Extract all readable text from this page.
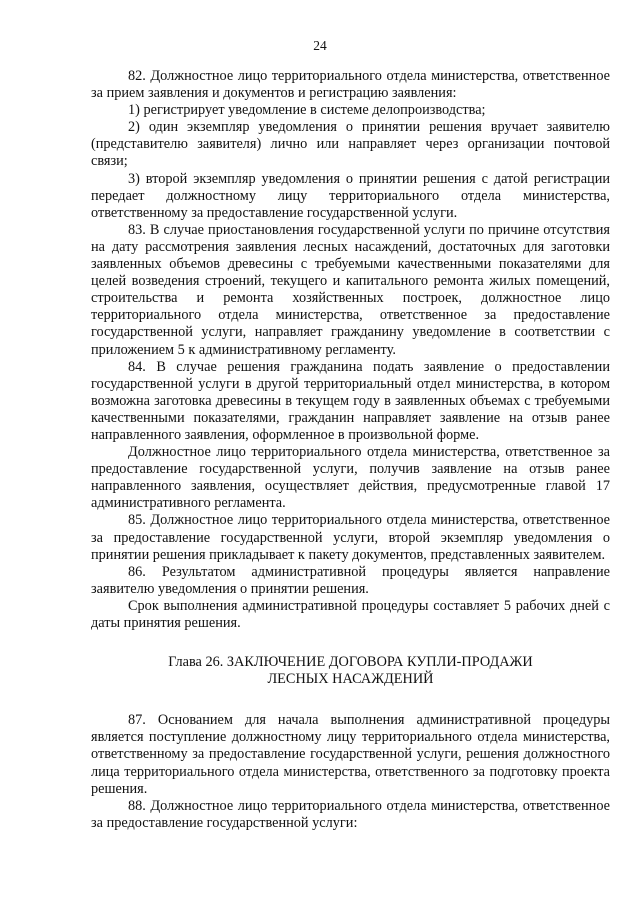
24

82. Должностное лицо территориального отдела министерства, ответственное за прием заявления и документов и регистрацию заявления:

1) регистрирует уведомление в системе делопроизводства;

2) один экземпляр уведомления о принятии решения вручает заявителю (представителю заявителя) лично или направляет через организации почтовой связи;

3) второй экземпляр уведомления о принятии решения с датой регистрации передает должностному лицу территориального отдела министерства, ответственному за предоставление государственной услуги.

83. В случае приостановления государственной услуги по причине отсутствия на дату рассмотрения заявления лесных насаждений, достаточных для заготовки заявленных объемов древесины с требуемыми качественными показателями для целей возведения строений, текущего и капитального ремонта жилых помещений, строительства и ремонта хозяйственных построек, должностное лицо территориального отдела министерства, ответственное за предоставление государственной услуги, направляет гражданину уведомление в соответствии с приложением 5 к административному регламенту.

84. В случае решения гражданина подать заявление о предоставлении государственной услуги в другой территориальный отдел министерства, в котором возможна заготовка древесины в текущем году в заявленных объемах с требуемыми качественными показателями, гражданин направляет заявление на отзыв ранее направленного заявления, оформленное в произвольной форме.

Должностное лицо территориального отдела министерства, ответственное за предоставление государственной услуги, получив заявление на отзыв ранее направленного заявления, осуществляет действия, предусмотренные главой 17 административного регламента.

85. Должностное лицо территориального отдела министерства, ответственное за предоставление государственной услуги, второй экземпляр уведомления о принятии решения прикладывает к пакету документов, представленных заявителем.

86. Результатом административной процедуры является направление заявителю уведомления о принятии решения.

Срок выполнения административной процедуры составляет 5 рабочих дней с даты принятия решения.

Глава 26. ЗАКЛЮЧЕНИЕ ДОГОВОРА КУПЛИ-ПРОДАЖИ
ЛЕСНЫХ НАСАЖДЕНИЙ

87. Основанием для начала выполнения административной процедуры является поступление должностному лицу территориального отдела министерства, ответственному за предоставление государственной услуги, решения должностного лица территориального отдела министерства, ответственного за подготовку проекта решения.

88. Должностное лицо территориального отдела министерства, ответственное за предоставление государственной услуги:
